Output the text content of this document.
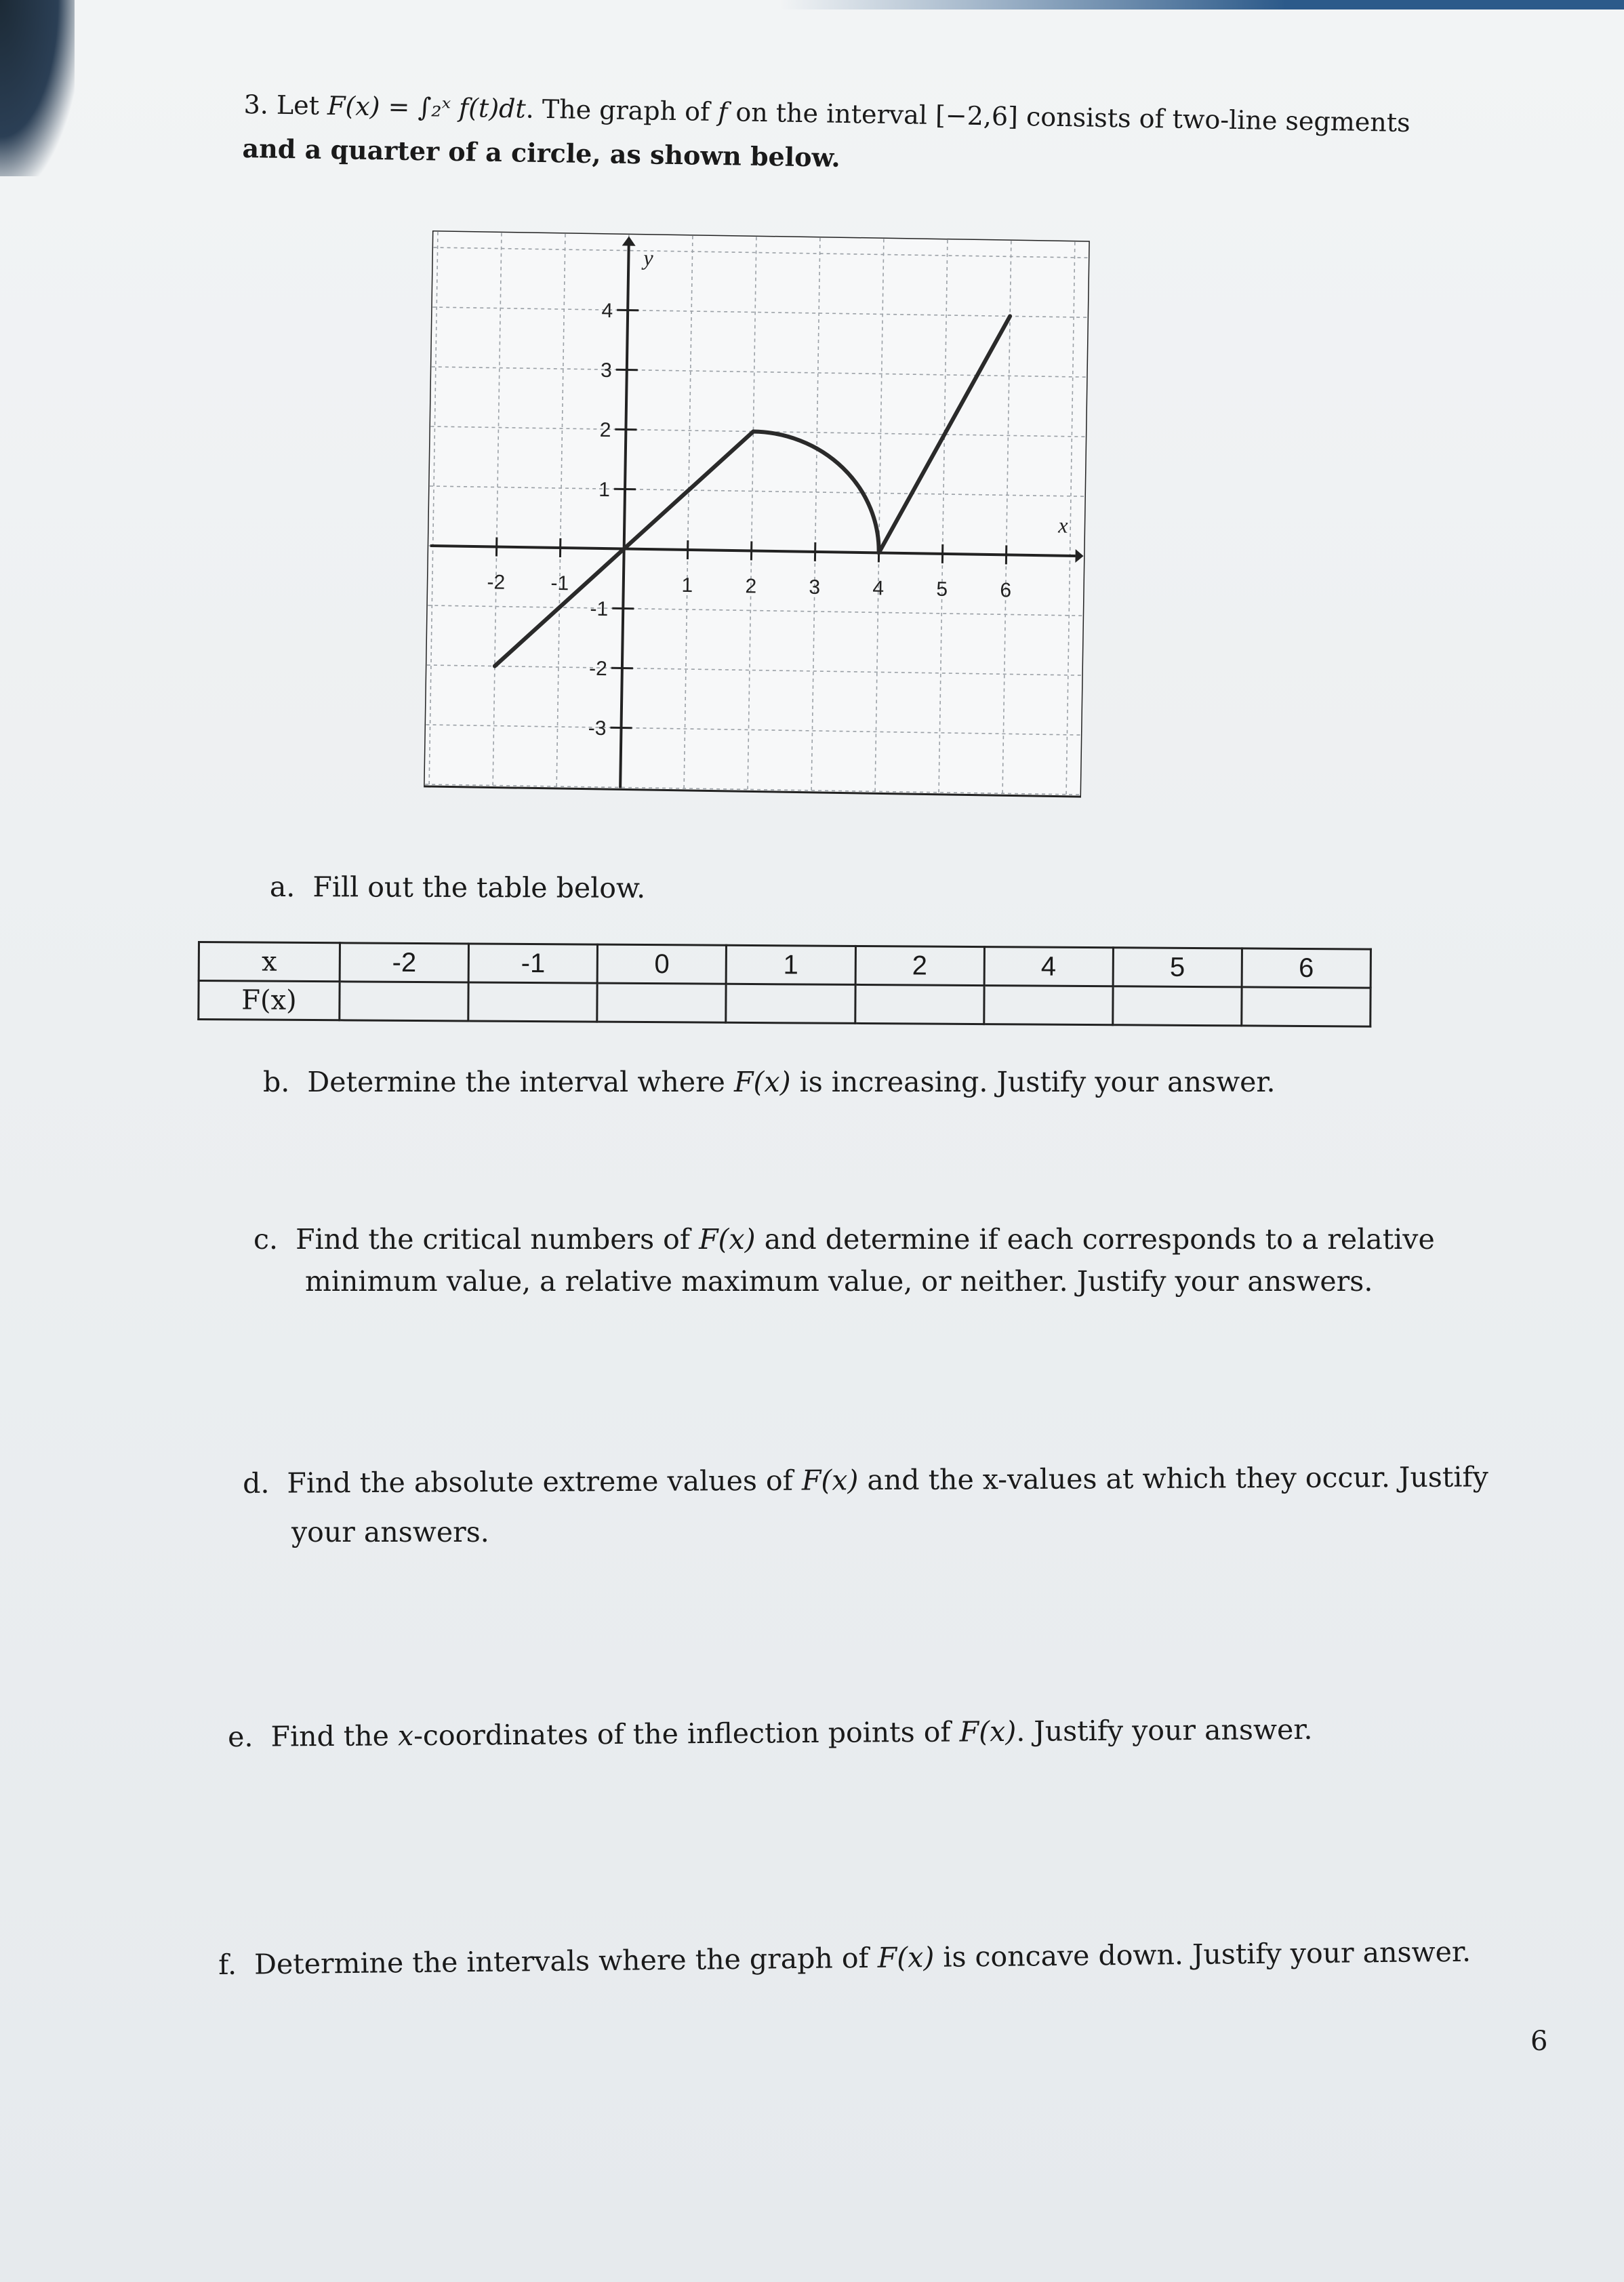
3. Let F(x) = ∫₂ˣ f(t)dt. The graph of f on the interval [−2,6] consists of two-line segments
and a quarter of a circle, as shown below.
-2 -1	1	2	3	4	5	6
4
3
2
1
-1
-2
-3
x
y
a. Fill out the table below.
x	-2	-1	0	1	2	4	5	6
F(x)								
b. Determine the interval where F(x) is increasing. Justify your answer.
c. Find the critical numbers of F(x) and determine if each corresponds to a relative
minimum value, a relative maximum value, or neither. Justify your answers.
d. Find the absolute extreme values of F(x) and the x-values at which they occur. Justify
your answers.
e. Find the x-coordinates of the inflection points of F(x). Justify your answer.
f. Determine the intervals where the graph of F(x) is concave down. Justify your answer.
6
